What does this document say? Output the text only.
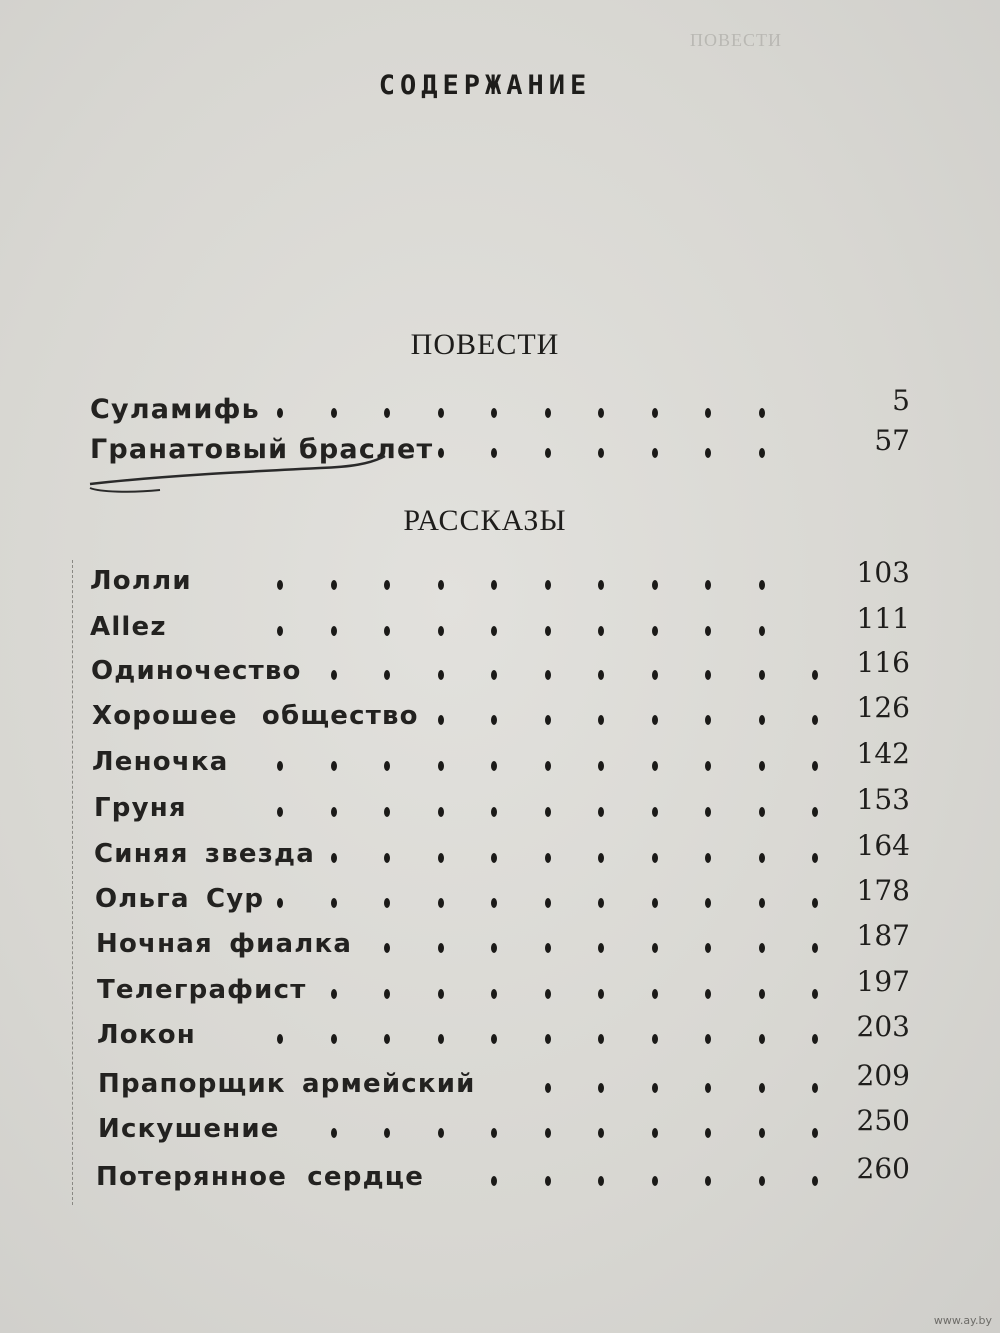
ПОВЕСТИ
СОДЕРЖАНИЕ
ПОВЕСТИ
Суламифь	5
Гранатовый браслет	57
РАССКАЗЫ
Лолли	103
Allez	111
Одиночество	116
Хорошее общество	126
Леночка	142
Груня	153
Синяя звезда	164
Ольга Сур	178
Ночная фиалка	187
Телеграфист	197
Локон	203
Прапорщик армейский	209
Искушение	250
Потерянное сердце	260
www.ay.by
